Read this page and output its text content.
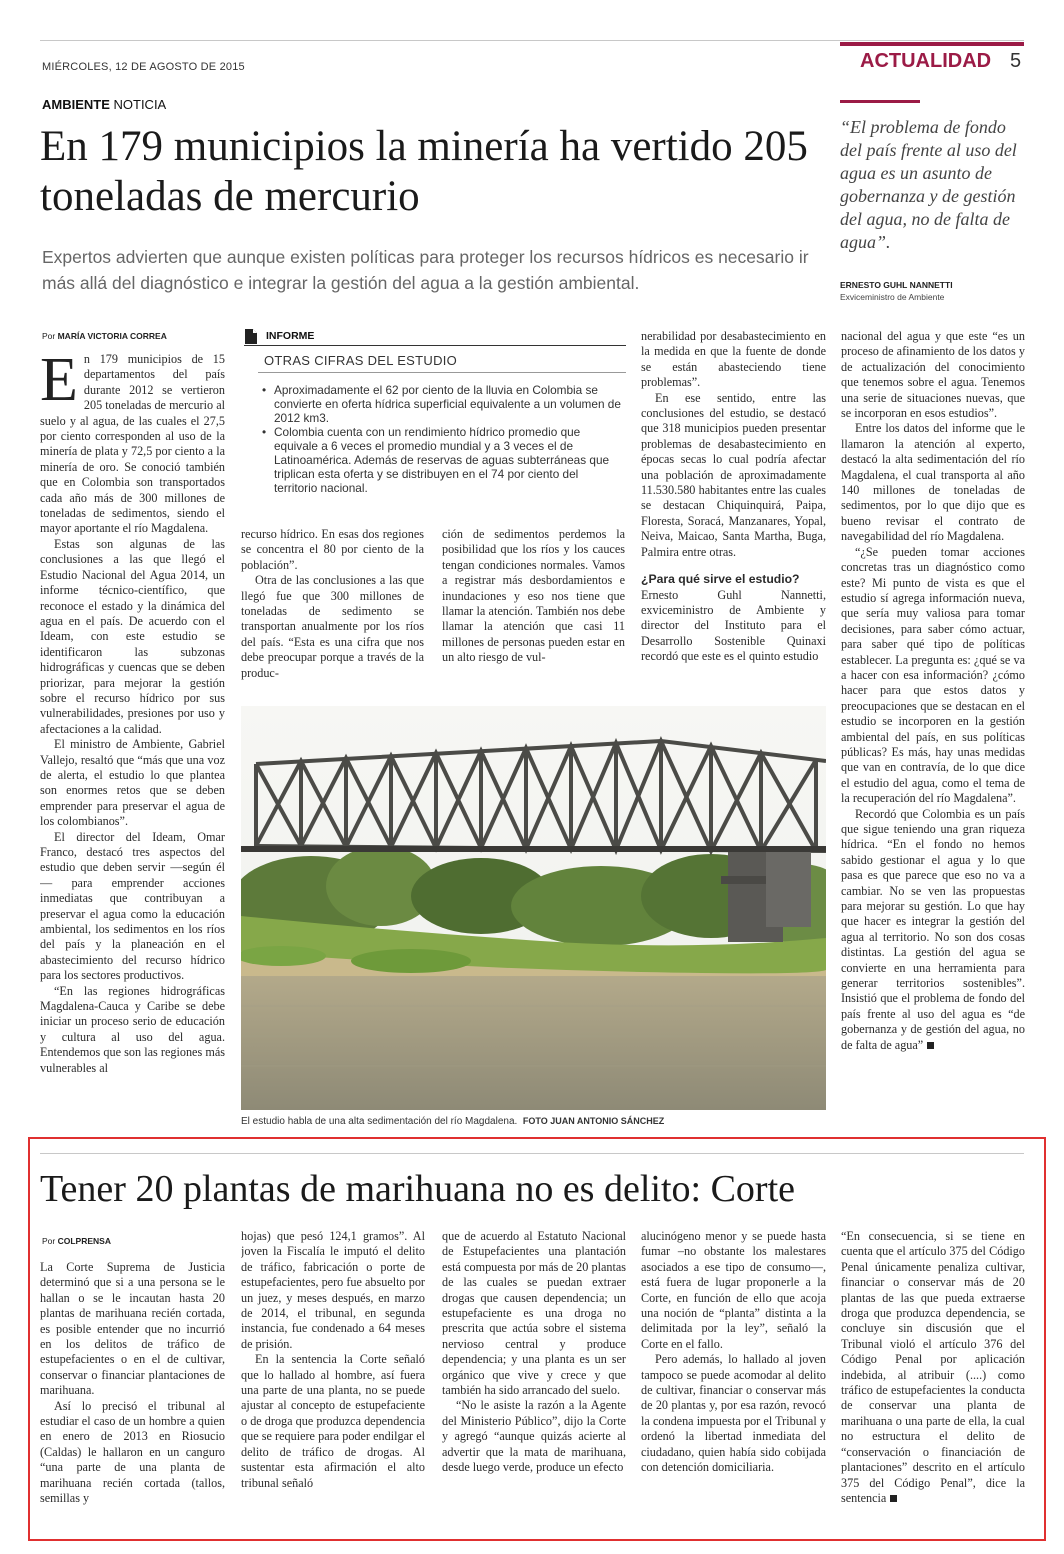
MIÉRCOLES, 12 DE AGOSTO DE 2015	ACTUALIDAD 5
AMBIENTE NOTICIA
En 179 municipios la minería ha vertido 205 toneladas de mercurio
Expertos advierten que aunque existen políticas para proteger los recursos hídricos es necesario ir más allá del diagnóstico e integrar la gestión del agua a la gestión ambiental.
“El problema de fondo del país frente al uso del agua es un asunto de gobernanza y de gestión del agua, no de falta de agua”.
ERNESTO GUHL NANNETTI
Exviceministro de Ambiente
Por MARÍA VICTORIA CORREA

En 179 municipios de 15 departamentos del país durante 2012 se vertieron 205 toneladas de mercurio al suelo y al agua, de las cuales el 27,5 por ciento corresponden al uso de la minería de plata y 72,5 por ciento a la minería de oro. Se conoció también que en Colombia son transportados cada año más de 300 millones de toneladas de sedimentos, siendo el mayor aportante el río Magdalena.

Estas son algunas de las conclusiones a las que llegó el Estudio Nacional del Agua 2014, un informe técnico-científico, que reconoce el estado y la dinámica del agua en el país. De acuerdo con el Ideam, con este estudio se identificaron las subzonas hidrográficas y cuencas que se deben priorizar, para mejorar la gestión sobre el recurso hídrico por sus vulnerabilidades, presiones por uso y afectaciones a la calidad.

El ministro de Ambiente, Gabriel Vallejo, resaltó que “más que una voz de alerta, el estudio lo que plantea son enormes retos que se deben emprender para preservar el agua de los colombianos”.

El director del Ideam, Omar Franco, destacó tres aspectos del estudio que deben servir —según él— para emprender acciones inmediatas que contribuyan a preservar el agua como la educación ambiental, los sedimentos en los ríos del país y la planeación en el abastecimiento del recurso hídrico para los sectores productivos.

“En las regiones hidrográficas Magdalena-Cauca y Caribe se debe iniciar un proceso serio de educación y cultura al uso del agua. Entendemos que son las regiones más vulnerables al

INFORME
OTRAS CIFRAS DEL ESTUDIO
• Aproximadamente el 62 por ciento de la lluvia en Colombia se convierte en oferta hídrica superficial equivalente a un volumen de 2012 km3.
• Colombia cuenta con un rendimiento hídrico promedio que equivale a 6 veces el promedio mundial y a 3 veces el de Latinoamérica. Además de reservas de aguas subterráneas que triplican esta oferta y se distribuyen en el 74 por ciento del territorio nacional.

recurso hídrico. En esas dos regiones se concentra el 80 por ciento de la población”.

Otra de las conclusiones a las que llegó fue que 300 millones de toneladas de sedimento se transportan anualmente por los ríos del país. “Esta es una cifra que nos debe preocupar porque a través de la produc-

ción de sedimentos perdemos la posibilidad que los ríos y los cauces tengan condiciones normales. Vamos a registrar más desbordamientos e inundaciones y eso nos tiene que llamar la atención. También nos debe llamar la atención que casi 11 millones de personas pueden estar en un alto riesgo de vul-

nerabilidad por desabastecimiento en la medida en que la fuente de donde se están abasteciendo tiene problemas”.

En ese sentido, entre las conclusiones del estudio, se destacó que 318 municipios pueden presentar problemas de desabastecimiento en épocas secas lo cual podría afectar una población de aproximadamente 11.530.580 habitantes entre las cuales se destacan Chiquinquirá, Paipa, Floresta, Soracá, Manzanares, Yopal, Neiva, Maicao, Santa Martha, Buga, Palmira entre otras.

¿Para qué sirve el estudio?

Ernesto Guhl Nannetti, exviceministro de Ambiente y director del Instituto para el Desarrollo Sostenible Quinaxi recordó que este es el quinto estudio

nacional del agua y que este “es un proceso de afinamiento de los datos y de actualización del conocimiento que tenemos sobre el agua. Tenemos una serie de situaciones nuevas, que se incorporan en esos estudios”.

Entre los datos del informe que le llamaron la atención al experto, destacó la alta sedimentación del río Magdalena, el cual transporta al año 140 millones de toneladas de sedimentos, por lo que dijo que es bueno revisar el contrato de navegabilidad del río Magdalena.

“¿Se pueden tomar acciones concretas tras un diagnóstico como este? Mi punto de vista es que el estudio sí agrega información nueva, que sería muy valiosa para tomar decisiones, para saber cómo actuar, para saber qué tipo de políticas establecer. La pregunta es: ¿qué se va a hacer con esa información? ¿cómo hacer para que estos datos y preocupaciones que se destacan en el estudio se incorporen en la gestión ambiental del país, en sus políticas públicas? Es más, hay unas medidas que van en contravía, de lo que dice el estudio del agua, como el tema de la recuperación del río Magdalena”.

Recordó que Colombia es un país que sigue teniendo una gran riqueza hídrica. “En el fondo no hemos sabido gestionar el agua y lo que pasa es que parece que eso no va a cambiar. No se ven las propuestas para mejorar su gestión. Lo que hay que hacer es integrar la gestión del agua al territorio. No son dos cosas distintas. La gestión del agua se convierte en una herramienta para generar territorios sostenibles”. Insistió que el problema de fondo del país frente al uso del agua es “de gobernanza y de gestión del agua, no de falta de agua”

El estudio habla de una alta sedimentación del río Magdalena. FOTO JUAN ANTONIO SÁNCHEZ
Tener 20 plantas de marihuana no es delito: Corte
Por COLPRENSA

La Corte Suprema de Justicia determinó que si a una persona se le hallan o se le incautan hasta 20 plantas de marihuana recién cortada, es posible entender que no incurrió en los delitos de tráfico de estupefacientes o en el de cultivar, conservar o financiar plantaciones de marihuana.

Así lo precisó el tribunal al estudiar el caso de un hombre a quien en enero de 2013 en Riosucio (Caldas) le hallaron en un canguro “una parte de una planta de marihuana recién cortada (tallos, semillas y

hojas) que pesó 124,1 gramos”. Al joven la Fiscalía le imputó el delito de tráfico, fabricación o porte de estupefacientes, pero fue absuelto por un juez, y meses después, en marzo de 2014, el tribunal, en segunda instancia, fue condenado a 64 meses de prisión.

En la sentencia la Corte señaló que lo hallado al hombre, así fuera una parte de una planta, no se puede ajustar al concepto de estupefaciente o de droga que produzca dependencia que se requiere para poder endilgar el delito de tráfico de drogas. Al sustentar esta afirmación el alto tribunal señaló

que de acuerdo al Estatuto Nacional de Estupefacientes una plantación está compuesta por más de 20 plantas de las cuales se puedan extraer drogas que causen dependencia; un estupefaciente es una droga no prescrita que actúa sobre el sistema nervioso central y produce dependencia; y una planta es un ser orgánico que vive y crece y que también ha sido arrancado del suelo.

“No le asiste la razón a la Agente del Ministerio Público”, dijo la Corte y agregó “aunque quizás acierte al advertir que la mata de marihuana, desde luego verde, produce un efecto

alucinógeno menor y se puede hasta fumar –no obstante los malestares asociados a ese tipo de consumo—, está fuera de lugar proponerle a la Corte, en función de ello que acoja una noción de “planta” distinta a la delimitada por la ley”, señaló la Corte en el fallo.

Pero además, lo hallado al joven tampoco se puede acomodar al delito de cultivar, financiar o conservar más de 20 plantas y, por esa razón, revocó la condena impuesta por el Tribunal y ordenó la libertad inmediata del ciudadano, quien había sido cobijada con detención domiciliaria.

“En consecuencia, si se tiene en cuenta que el artículo 375 del Código Penal únicamente penaliza cultivar, financiar o conservar más de 20 plantas de las que pueda extraerse droga que produzca dependencia, se concluye sin discusión que el Tribunal violó el artículo 376 del Código Penal por aplicación indebida, al atribuir (....) como tráfico de estupefacientes la conducta de conservar una planta de marihuana o una parte de ella, la cual no estructura el delito de “conservación o financiación de plantaciones” descrito en el artículo 375 del Código Penal”, dice la sentencia
